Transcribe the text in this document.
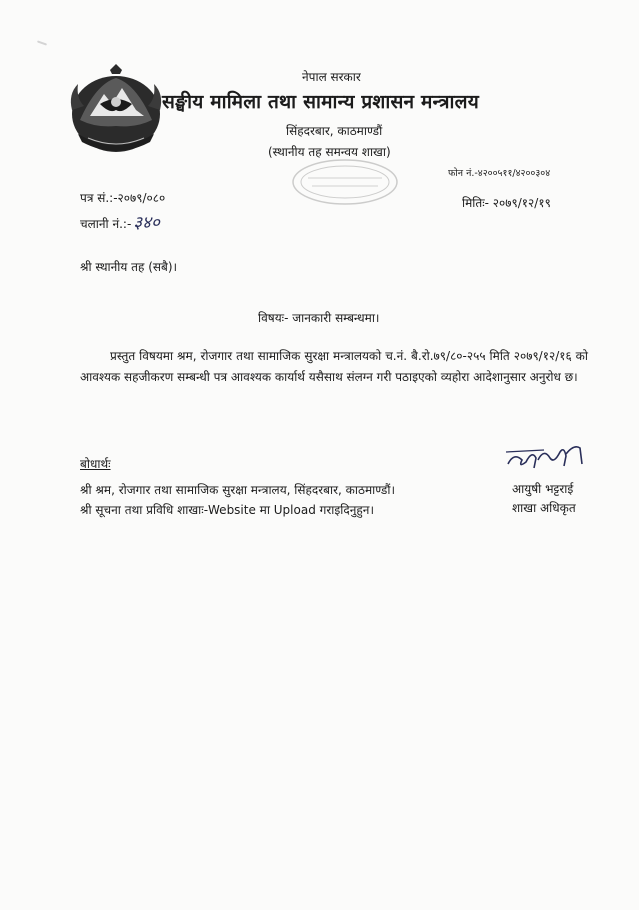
नेपाल सरकार
सङ्घीय मामिला तथा सामान्य प्रशासन मन्त्रालय
सिंहदरबार, काठमाण्डौं
(स्थानीय तह समन्वय शाखा)
फोन नं.-४२००५११/४२००३०४
पत्र सं.:-२०७९/०८०	मितिः- २०७९/१२/१९
चलानी नं.:- ३४०
श्री स्थानीय तह (सबै)।
विषयः- जानकारी सम्बन्धमा।
प्रस्तुत विषयमा श्रम, रोजगार तथा सामाजिक सुरक्षा मन्त्रालयको च.नं. बै.रो.७९/८०-२५५ मिति २०७९/१२/१६ को आवश्यक सहजीकरण सम्बन्धी पत्र आवश्यक कार्यार्थ यसैसाथ संलग्न गरी पठाइएको व्यहोरा आदेशानुसार अनुरोध छ।
आयुषी भट्टराई
शाखा अधिकृत
बोधार्थः
श्री श्रम, रोजगार तथा सामाजिक सुरक्षा मन्त्रालय, सिंहदरबार, काठमाण्डौं।
श्री सूचना तथा प्रविधि शाखाः-Website मा Upload गराइदिनुहुन।
